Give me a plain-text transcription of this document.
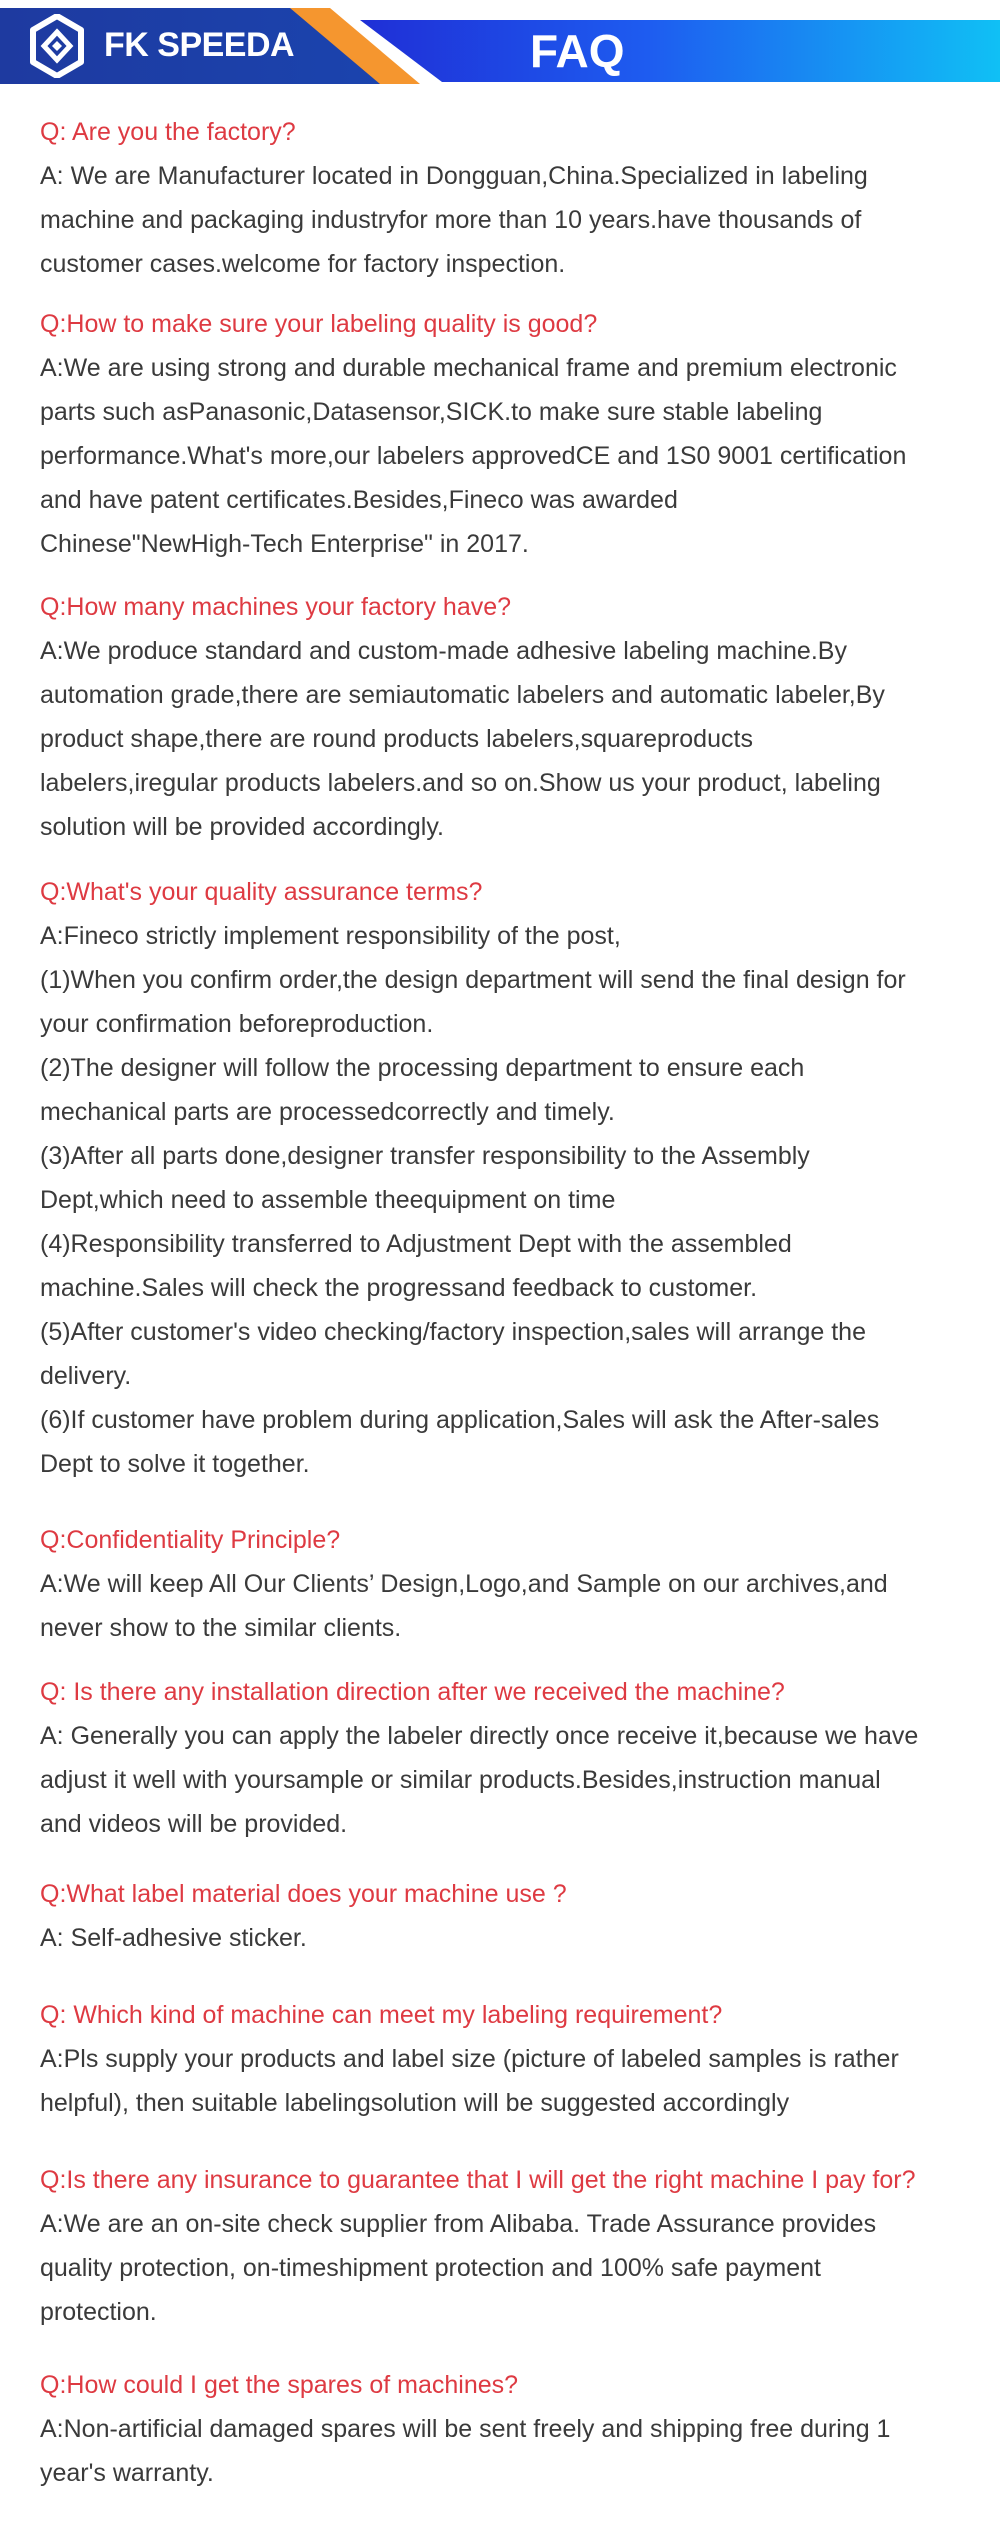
FK SPEEDA	FAQ

Q: Are you the factory?

A: We are Manufacturer located in Dongguan,China.Specialized in labeling
machine and packaging industryfor more than 10 years.have thousands of
customer cases.welcome for factory inspection.

Q:How to make sure your labeling quality is good?

A:We are using strong and durable mechanical frame and premium electronic
parts such asPanasonic,Datasensor,SICK.to make sure stable labeling
performance.What's more,our labelers approvedCE and 1S0 9001 certification
and have patent certificates.Besides,Fineco was awarded
Chinese"NewHigh-Tech Enterprise" in 2017.

Q:How many machines your factory have?

A:We produce standard and custom-made adhesive labeling machine.By
automation grade,there are semiautomatic labelers and automatic labeler,By
product shape,there are round products labelers,squareproducts
labelers,iregular products labelers.and so on.Show us your product, labeling
solution will be provided accordingly.

Q:What's your quality assurance terms?

A:Fineco strictly implement responsibility of the post,
(1)When you confirm order,the design department will send the final design for
your confirmation beforeproduction.
(2)The designer will follow the processing department to ensure each
mechanical parts are processedcorrectly and timely.
(3)After all parts done,designer transfer responsibility to the Assembly
Dept,which need to assemble theequipment on time
(4)Responsibility transferred to Adjustment Dept with the assembled
machine.Sales will check the progressand feedback to customer.
(5)After customer's video checking/factory inspection,sales will arrange the
delivery.
(6)If customer have problem during application,Sales will ask the After-sales
Dept to solve it together.

Q:Confidentiality Principle?

A:We will keep All Our Clients’ Design,Logo,and Sample on our archives,and
never show to the similar clients.

Q: Is there any installation direction after we received the machine?

A: Generally you can apply the labeler directly once receive it,because we have
adjust it well with yoursample or similar products.Besides,instruction manual
and videos will be provided.

Q:What label material does your machine use ?

A: Self-adhesive sticker.

Q: Which kind of machine can meet my labeling requirement?

A:Pls supply your products and label size (picture of labeled samples is rather
helpful), then suitable labelingsolution will be suggested accordingly

Q:Is there any insurance to guarantee that I will get the right machine I pay for?

A:We are an on-site check supplier from Alibaba. Trade Assurance provides
quality protection, on-timeshipment protection and 100% safe payment
protection.

Q:How could I get the spares of machines?

A:Non-artificial damaged spares will be sent freely and shipping free during 1
year's warranty.
